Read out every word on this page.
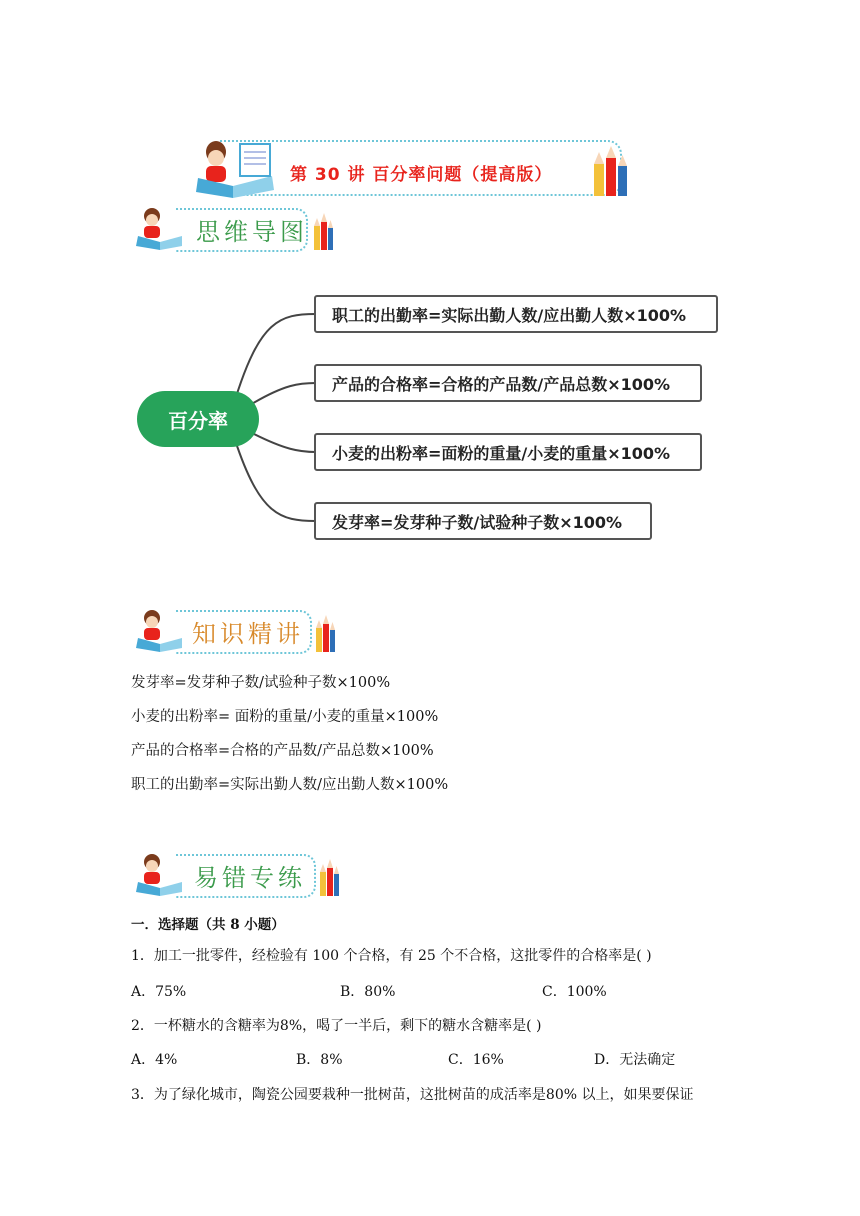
第 30 讲 百分率问题（提高版）
思维导图
百分率
职工的出勤率=实际出勤人数/应出勤人数×100%
产品的合格率=合格的产品数/产品总数×100%
小麦的出粉率=面粉的重量/小麦的重量×100%
发芽率=发芽种子数/试验种子数×100%
知识精讲
发芽率=发芽种子数/试验种子数×100%
小麦的出粉率= 面粉的重量/小麦的重量×100%
产品的合格率=合格的产品数/产品总数×100%
职工的出勤率=实际出勤人数/应出勤人数×100%
易错专练
一．选择题（共 8 小题）
1．加工一批零件，经检验有 100 个合格，有 25 个不合格，这批零件的合格率是( )
A．75%	B．80%	C．100%
2．一杯糖水的含糖率为8%，喝了一半后，剩下的糖水含糖率是( )
A．4%	B．8%	C．16%	D．无法确定
3．为了绿化城市，陶瓷公园要栽种一批树苗，这批树苗的成活率是80% 以上，如果要保证
